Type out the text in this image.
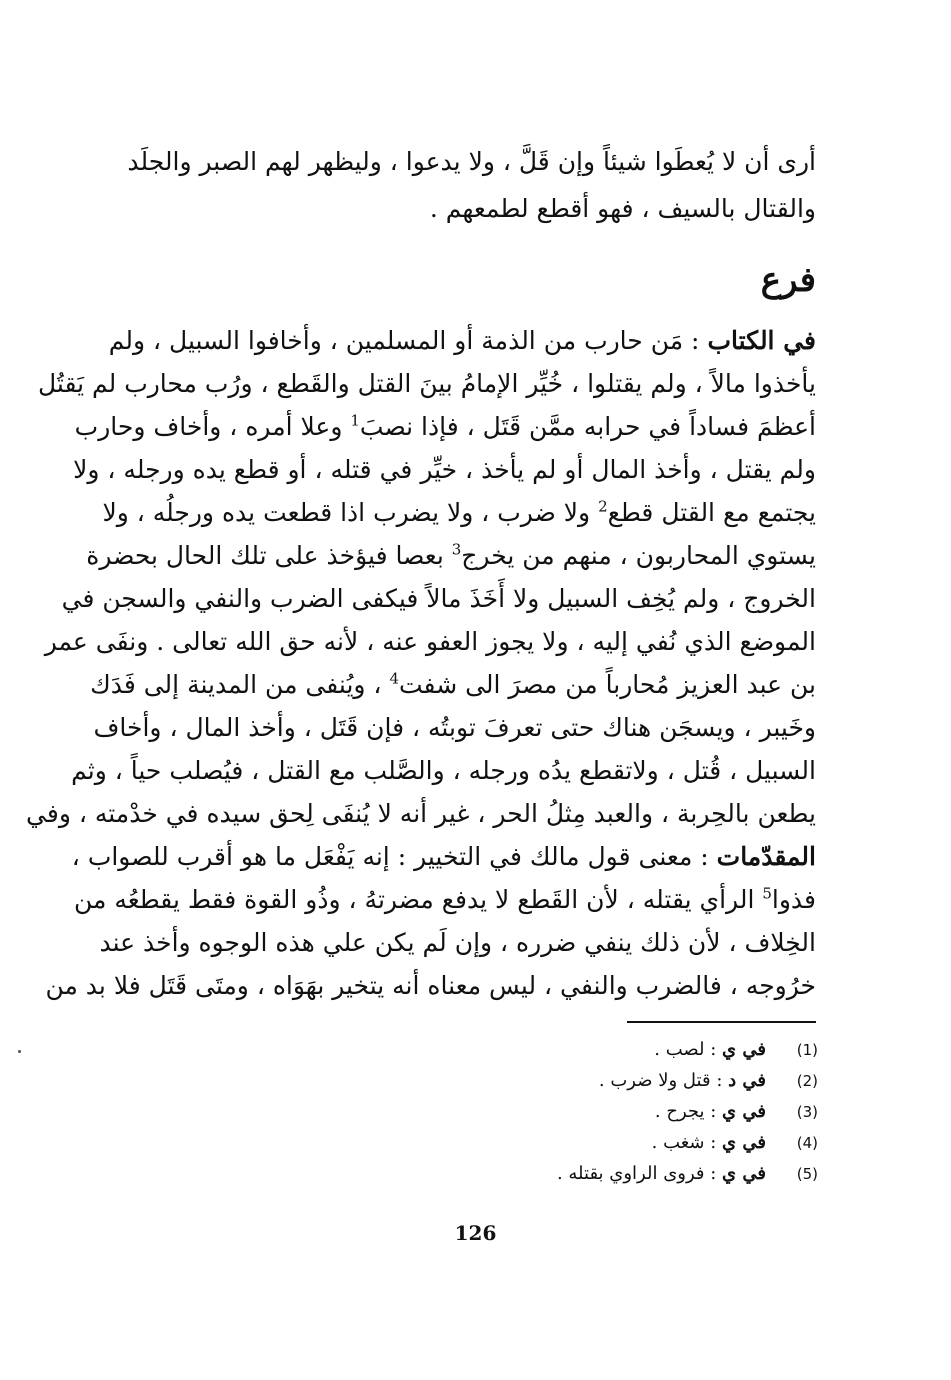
أرى أن لا يُعطَوا شيئاً وإن قَلَّ ، ولا يدعوا ، وليظهر لهم الصبر والجلَد
والقتال بالسيف ، فهو أقطع لطمعهم .
فرع
في الكتاب : مَن حارب من الذمة أو المسلمين ، وأخافوا السبيل ، ولم
يأخذوا مالاً ، ولم يقتلوا ، خُيِّر الإمامُ بينَ القتل والقَطع ، ورُب محارب لم يَقتُل
أعظمَ فساداً في حرابه ممَّن قَتَل ، فإذا نصبَ$^1$ وعلا أمره ، وأخاف وحارب
ولم يقتل ، وأخذ المال أو لم يأخذ ، خيِّر في قتله ، أو قطع يده ورجله ، ولا
يجتمع مع القتل قطع$^2$ ولا ضرب ، ولا يضرب اذا قطعت يده ورجلُه ، ولا
يستوي المحاربون ، منهم من يخرج$^3$ بعصا فيؤخذ على تلك الحال بحضرة
الخروج ، ولم يُخِف السبيل ولا أَخَذَ مالاً فيكفى الضرب والنفي والسجن في
الموضع الذي نُفي إليه ، ولا يجوز العفو عنه ، لأنه حق الله تعالى . ونفَى عمر
بن عبد العزيز مُحارباً من مصرَ الى شفت$^4$ ، ويُنفى من المدينة إلى فَدَك
وخَيبر ، ويسجَن هناك حتى تعرفَ توبتُه ، فإن قَتَل ، وأخذ المال ، وأخاف
السبيل ، قُتل ، ولاتقطع يدُه ورجله ، والصَّلب مع القتل ، فيُصلب حياً ، وثم
يطعن بالحِربة ، والعبد مِثلُ الحر ، غير أنه لا يُنفَى لِحق سيده في خدْمته ، وفي
المقدّمات : معنى قول مالك في التخيير : إنه يَفْعَل ما هو أقرب للصواب ،
فذوا$^5$ الرأي يقتله ، لأن القَطع لا يدفع مضرتهُ ، وذُو القوة فقط يقطعُه من
الخِلاف ، لأن ذلك ينفي ضرره ، وإن لَم يكن علي هذه الوجوه وأخذ عند
خرُوجه ، فالضرب والنفي ، ليس معناه أنه يتخير بهَوَاه ، ومتَى قَتَل فلا بد من
(1)في ي : لصب .
(2)في د : قتل ولا ضرب .
(3)في ي : يجرح .
(4)في ي : شغب .
(5)في ي : فروى الراوي بقتله .
126
